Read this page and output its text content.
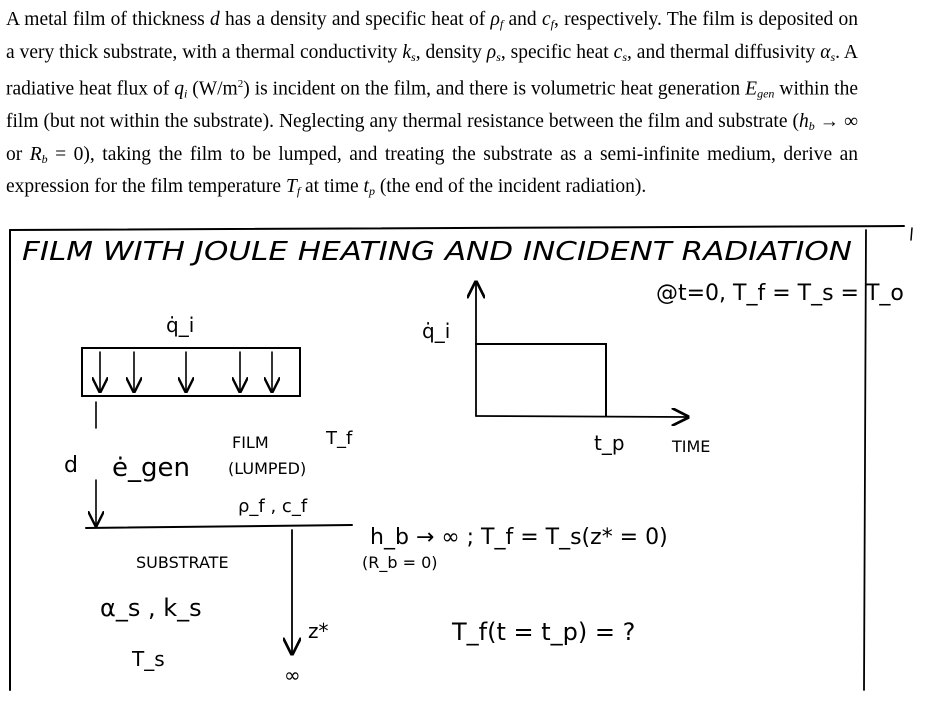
A metal film of thickness d has a density and specific heat of $\rho_f$ and $c_f$, respectively. The film is deposited on a very thick substrate, with a thermal conductivity $k_s$, density $\rho_s$, specific heat $c_s$, and thermal diffusivity $\alpha_s$. A radiative heat flux of $q_i$ $(W/m^2)$ is incident on the film, and there is volumetric heat generation $E_{gen}$ within the film (but not within the substrate). Neglecting any thermal resistance between the film and substrate ($h_b$ → ∞ or $R_b = 0$), taking the film to be lumped, and treating the substrate as a semi-infinite medium, derive an expression for the film temperature $T_f$ at time $t_p$ (the end of the incident radiation).

FILM WITH JOULE HEATING AND INCIDENT RADIATION
@t=0, T_f = T_s = T_o
q̇_i	q̇_i
TIME
t_p
FILM	T_f
(LUMPED)
ρ_f , c_f
ė_gen
d
SUBSTRATE
α_s , k_s
T_s
z*
∞
h_b → ∞ ; T_f = T_s(z* = 0)
(R_b = 0)
T_f(t = t_p) = ?
